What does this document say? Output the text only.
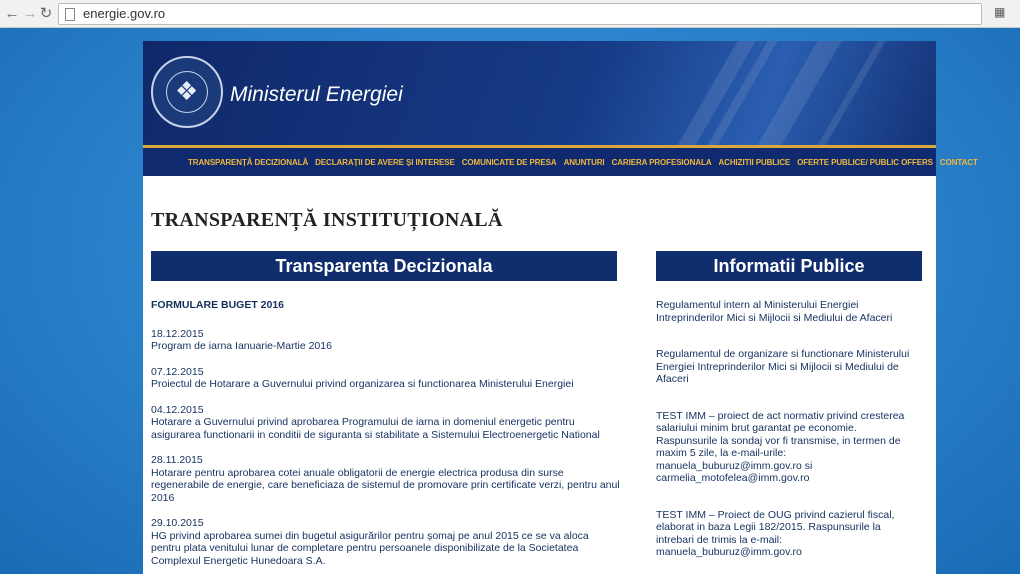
← → ↻ energie.gov.ro	▦
❖ Ministerul Energiei
TRANSPARENȚĂ DECIZIONALĂ DECLARAȚII DE AVERE ȘI INTERESE COMUNICATE DE PRESA ANUNTURI CARIERA PROFESIONALA ACHIZITII PUBLICE OFERTE PUBLICE/ PUBLIC OFFERS CONTACT
TRANSPARENȚĂ INSTITUȚIONALĂ
Transparenta Decizionala	Informatii Publice
FORMULARE BUGET 2016
18.12.2015
Program de iarna Ianuarie-Martie 2016
07.12.2015
Proiectul de Hotarare a Guvernului privind organizarea si functionarea Ministerului Energiei
04.12.2015
Hotarare a Guvernului privind aprobarea Programului de iarna in domeniul energetic pentru asigurarea functionarii in conditii de siguranta si stabilitate a Sistemului Electroenergetic National
28.11.2015
Hotarare pentru aprobarea cotei anuale obligatorii de energie electrica produsa din surse regenerabile de energie, care beneficiaza de sistemul de promovare prin certificate verzi, pentru anul 2016
29.10.2015
HG privind aprobarea sumei din bugetul asigurărilor pentru șomaj pe anul 2015 ce se va aloca pentru plata venitului lunar de completare pentru persoanele disponibilizate de la Societatea Complexul Energetic Hunedoara S.A.
Regulamentul intern al Ministerului Energiei Intreprinderilor Mici si Mijlocii si Mediului de Afaceri
Regulamentul de organizare si functionare Ministerului Energiei Intreprinderilor Mici si Mijlocii si Mediului de Afaceri
TEST IMM – proiect de act normativ privind cresterea salariului minim brut garantat pe economie. Raspunsurile la sondaj vor fi transmise, in termen de maxim 5 zile, la e-mail-urile: manuela_buburuz@imm.gov.ro si carmelia_motofelea@imm.gov.ro
TEST IMM – Proiect de OUG privind cazierul fiscal, elaborat in baza Legii 182/2015. Raspunsurile la intrebari de trimis la e-mail: manuela_buburuz@imm.gov.ro
